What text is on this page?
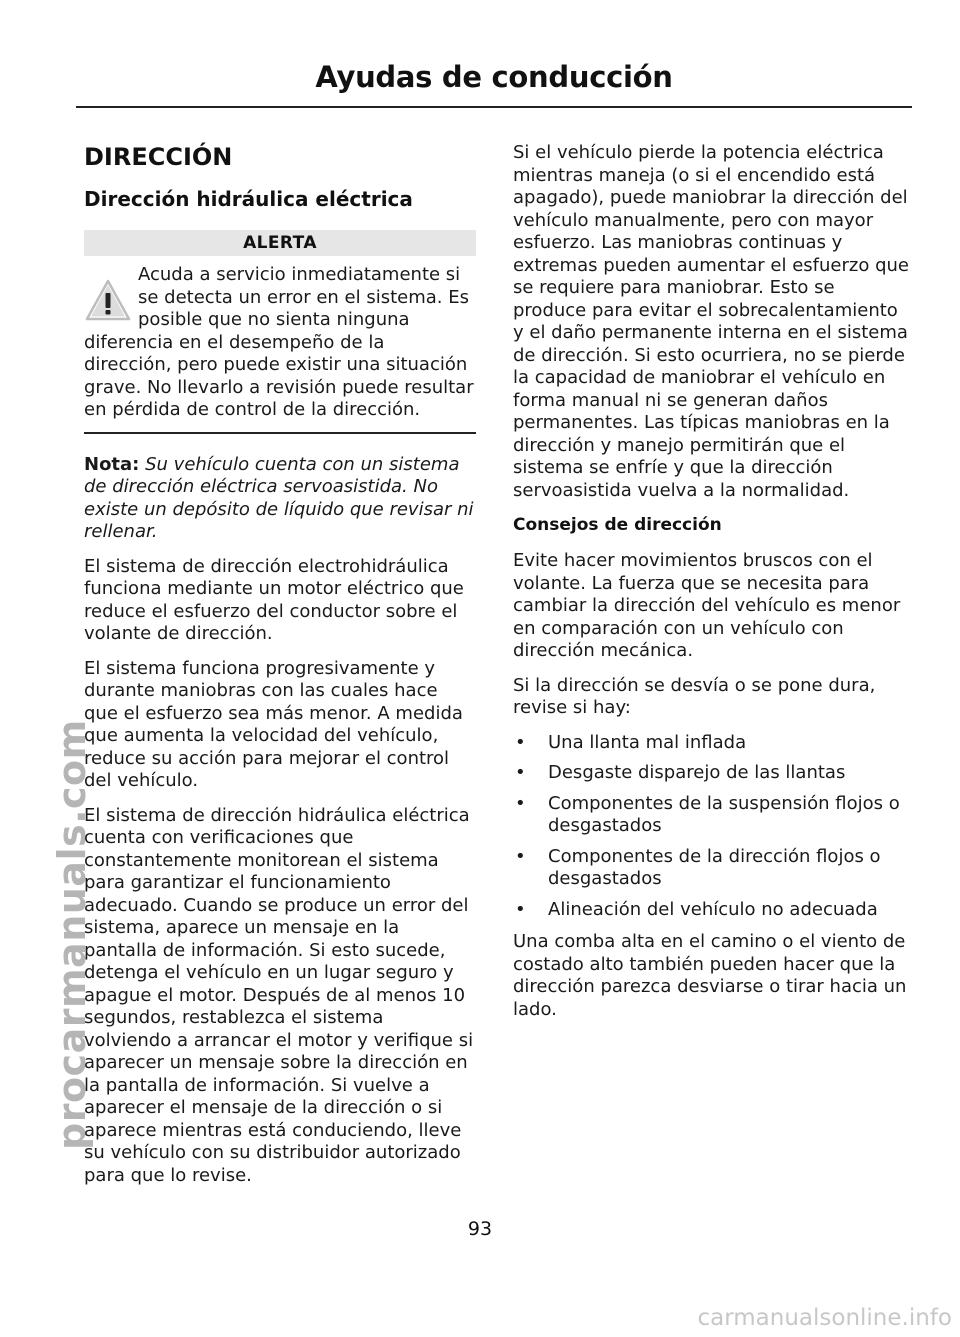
Ayudas de conducción
DIRECCIÓN
Dirección hidráulica eléctrica
ALERTA

Acuda a servicio inmediatamente si se detecta un error en el sistema. Es posible que no sienta ninguna diferencia en el desempeño de la dirección, pero puede existir una situación grave. No llevarlo a revisión puede resultar en pérdida de control de la dirección.

Nota: Su vehículo cuenta con un sistema de dirección eléctrica servoasistida. No existe un depósito de líquido que revisar ni rellenar.

El sistema de dirección electrohidráulica funciona mediante un motor eléctrico que reduce el esfuerzo del conductor sobre el volante de dirección.

El sistema funciona progresivamente y durante maniobras con las cuales hace que el esfuerzo sea más menor. A medida que aumenta la velocidad del vehículo, reduce su acción para mejorar el control del vehículo.

El sistema de dirección hidráulica eléctrica cuenta con verificaciones que constantemente monitorean el sistema para garantizar el funcionamiento adecuado. Cuando se produce un error del sistema, aparece un mensaje en la pantalla de información. Si esto sucede, detenga el vehículo en un lugar seguro y apague el motor. Después de al menos 10 segundos, restablezca el sistema volviendo a arrancar el motor y verifique si aparecer un mensaje sobre la dirección en la pantalla de información. Si vuelve a aparecer el mensaje de la dirección o si aparece mientras está conduciendo, lleve su vehículo con su distribuidor autorizado para que lo revise.

Si el vehículo pierde la potencia eléctrica mientras maneja (o si el encendido está apagado), puede maniobrar la dirección del vehículo manualmente, pero con mayor esfuerzo. Las maniobras continuas y extremas pueden aumentar el esfuerzo que se requiere para maniobrar. Esto se produce para evitar el sobrecalentamiento y el daño permanente interna en el sistema de dirección. Si esto ocurriera, no se pierde la capacidad de maniobrar el vehículo en forma manual ni se generan daños permanentes. Las típicas maniobras en la dirección y manejo permitirán que el sistema se enfríe y que la dirección servoasistida vuelva a la normalidad.

Consejos de dirección

Evite hacer movimientos bruscos con el volante. La fuerza que se necesita para cambiar la dirección del vehículo es menor en comparación con un vehículo con dirección mecánica.

Si la dirección se desvía o se pone dura, revise si hay:

• Una llanta mal inflada
• Desgaste disparejo de las llantas
• Componentes de la suspensión flojos o desgastados
• Componentes de la dirección flojos o desgastados
• Alineación del vehículo no adecuada

Una comba alta en el camino o el viento de costado alto también pueden hacer que la dirección parezca desviarse o tirar hacia un lado.

93
procarmanuals.com
carmanualsonline.info
